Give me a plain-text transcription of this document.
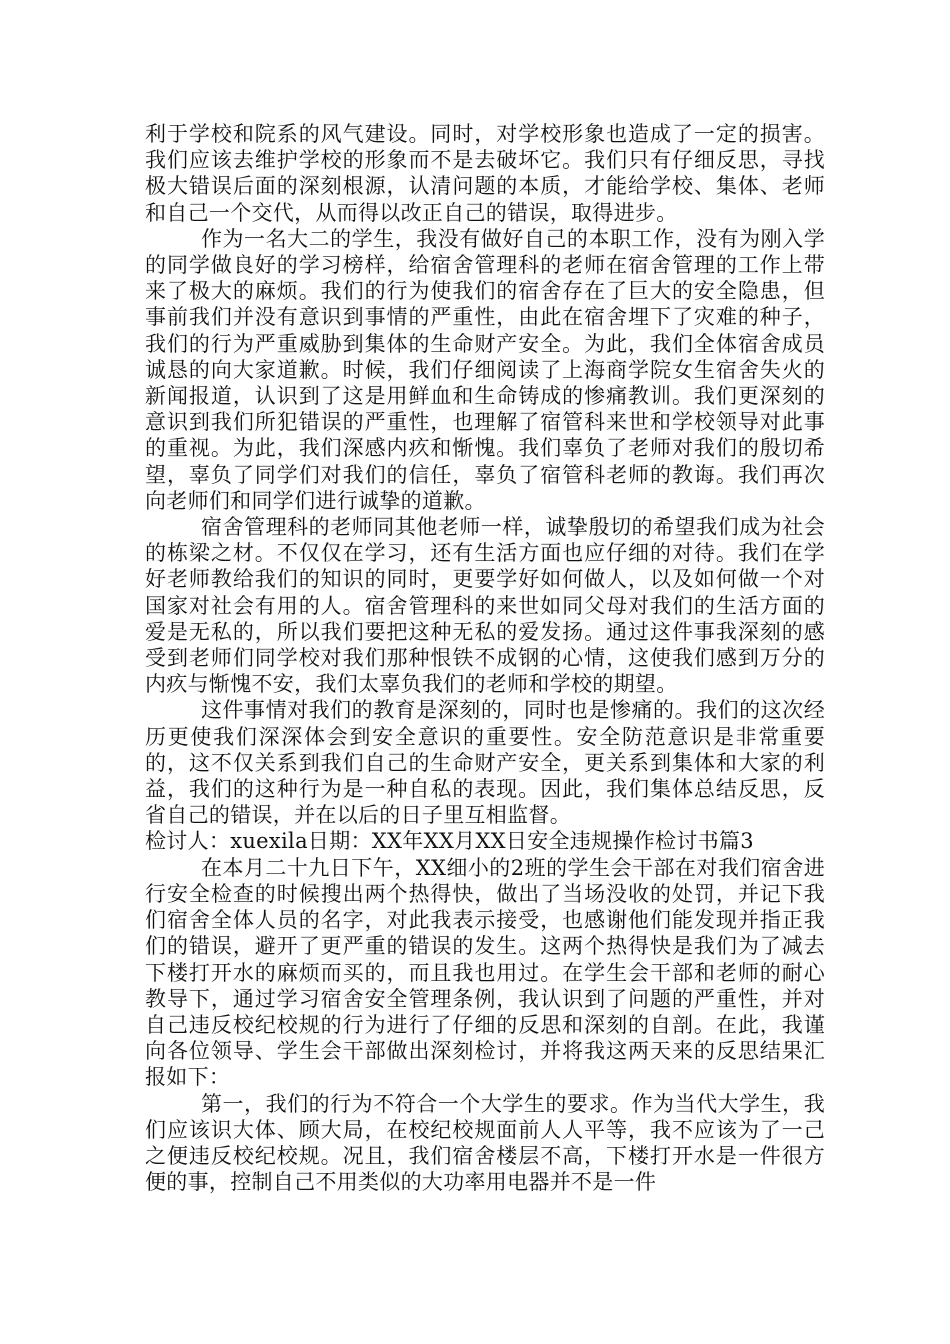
利于学校和院系的风气建设。同时，对学校形象也造成了一定的损害。我们应该去维护学校的形象而不是去破坏它。我们只有仔细反思，寻找极大错误后面的深刻根源，认清问题的本质，才能给学校、集体、老师和自己一个交代，从而得以改正自己的错误，取得进步。

作为一名大二的学生，我没有做好自己的本职工作，没有为刚入学的同学做良好的学习榜样，给宿舍管理科的老师在宿舍管理的工作上带来了极大的麻烦。我们的行为使我们的宿舍存在了巨大的安全隐患，但事前我们并没有意识到事情的严重性，由此在宿舍埋下了灾难的种子，我们的行为严重威胁到集体的生命财产安全。为此，我们全体宿舍成员诚恳的向大家道歉。时候，我们仔细阅读了上海商学院女生宿舍失火的新闻报道，认识到了这是用鲜血和生命铸成的惨痛教训。我们更深刻的意识到我们所犯错误的严重性，也理解了宿管科来世和学校领导对此事的重视。为此，我们深感内疚和惭愧。我们辜负了老师对我们的殷切希望，辜负了同学们对我们的信任，辜负了宿管科老师的教诲。我们再次向老师们和同学们进行诚挚的道歉。

宿舍管理科的老师同其他老师一样，诚挚殷切的希望我们成为社会的栋梁之材。不仅仅在学习，还有生活方面也应仔细的对待。我们在学好老师教给我们的知识的同时，更要学好如何做人，以及如何做一个对国家对社会有用的人。宿舍管理科的来世如同父母对我们的生活方面的爱是无私的，所以我们要把这种无私的爱发扬。通过这件事我深刻的感受到老师们同学校对我们那种恨铁不成钢的心情，这使我们感到万分的内疚与惭愧不安，我们太辜负我们的老师和学校的期望。

这件事情对我们的教育是深刻的，同时也是惨痛的。我们的这次经历更使我们深深体会到安全意识的重要性。安全防范意识是非常重要的，这不仅关系到我们自己的生命财产安全，更关系到集体和大家的利益，我们的这种行为是一种自私的表现。因此，我们集体总结反思，反省自己的错误，并在以后的日子里互相监督。

检讨人：xuexila日期：XX年XX月XX日安全违规操作检讨书篇3

在本月二十九日下午，XX细小的2班的学生会干部在对我们宿舍进行安全检查的时候搜出两个热得快，做出了当场没收的处罚，并记下我们宿舍全体人员的名字，对此我表示接受，也感谢他们能发现并指正我们的错误，避开了更严重的错误的发生。这两个热得快是我们为了减去下楼打开水的麻烦而买的，而且我也用过。在学生会干部和老师的耐心教导下，通过学习宿舍安全管理条例，我认识到了问题的严重性，并对自己违反校纪校规的行为进行了仔细的反思和深刻的自剖。在此，我谨向各位领导、学生会干部做出深刻检讨，并将我这两天来的反思结果汇报如下：

第一，我们的行为不符合一个大学生的要求。作为当代大学生，我们应该识大体、顾大局，在校纪校规面前人人平等，我不应该为了一己之便违反校纪校规。况且，我们宿舍楼层不高，下楼打开水是一件很方便的事，控制自己不用类似的大功率用电器并不是一件
